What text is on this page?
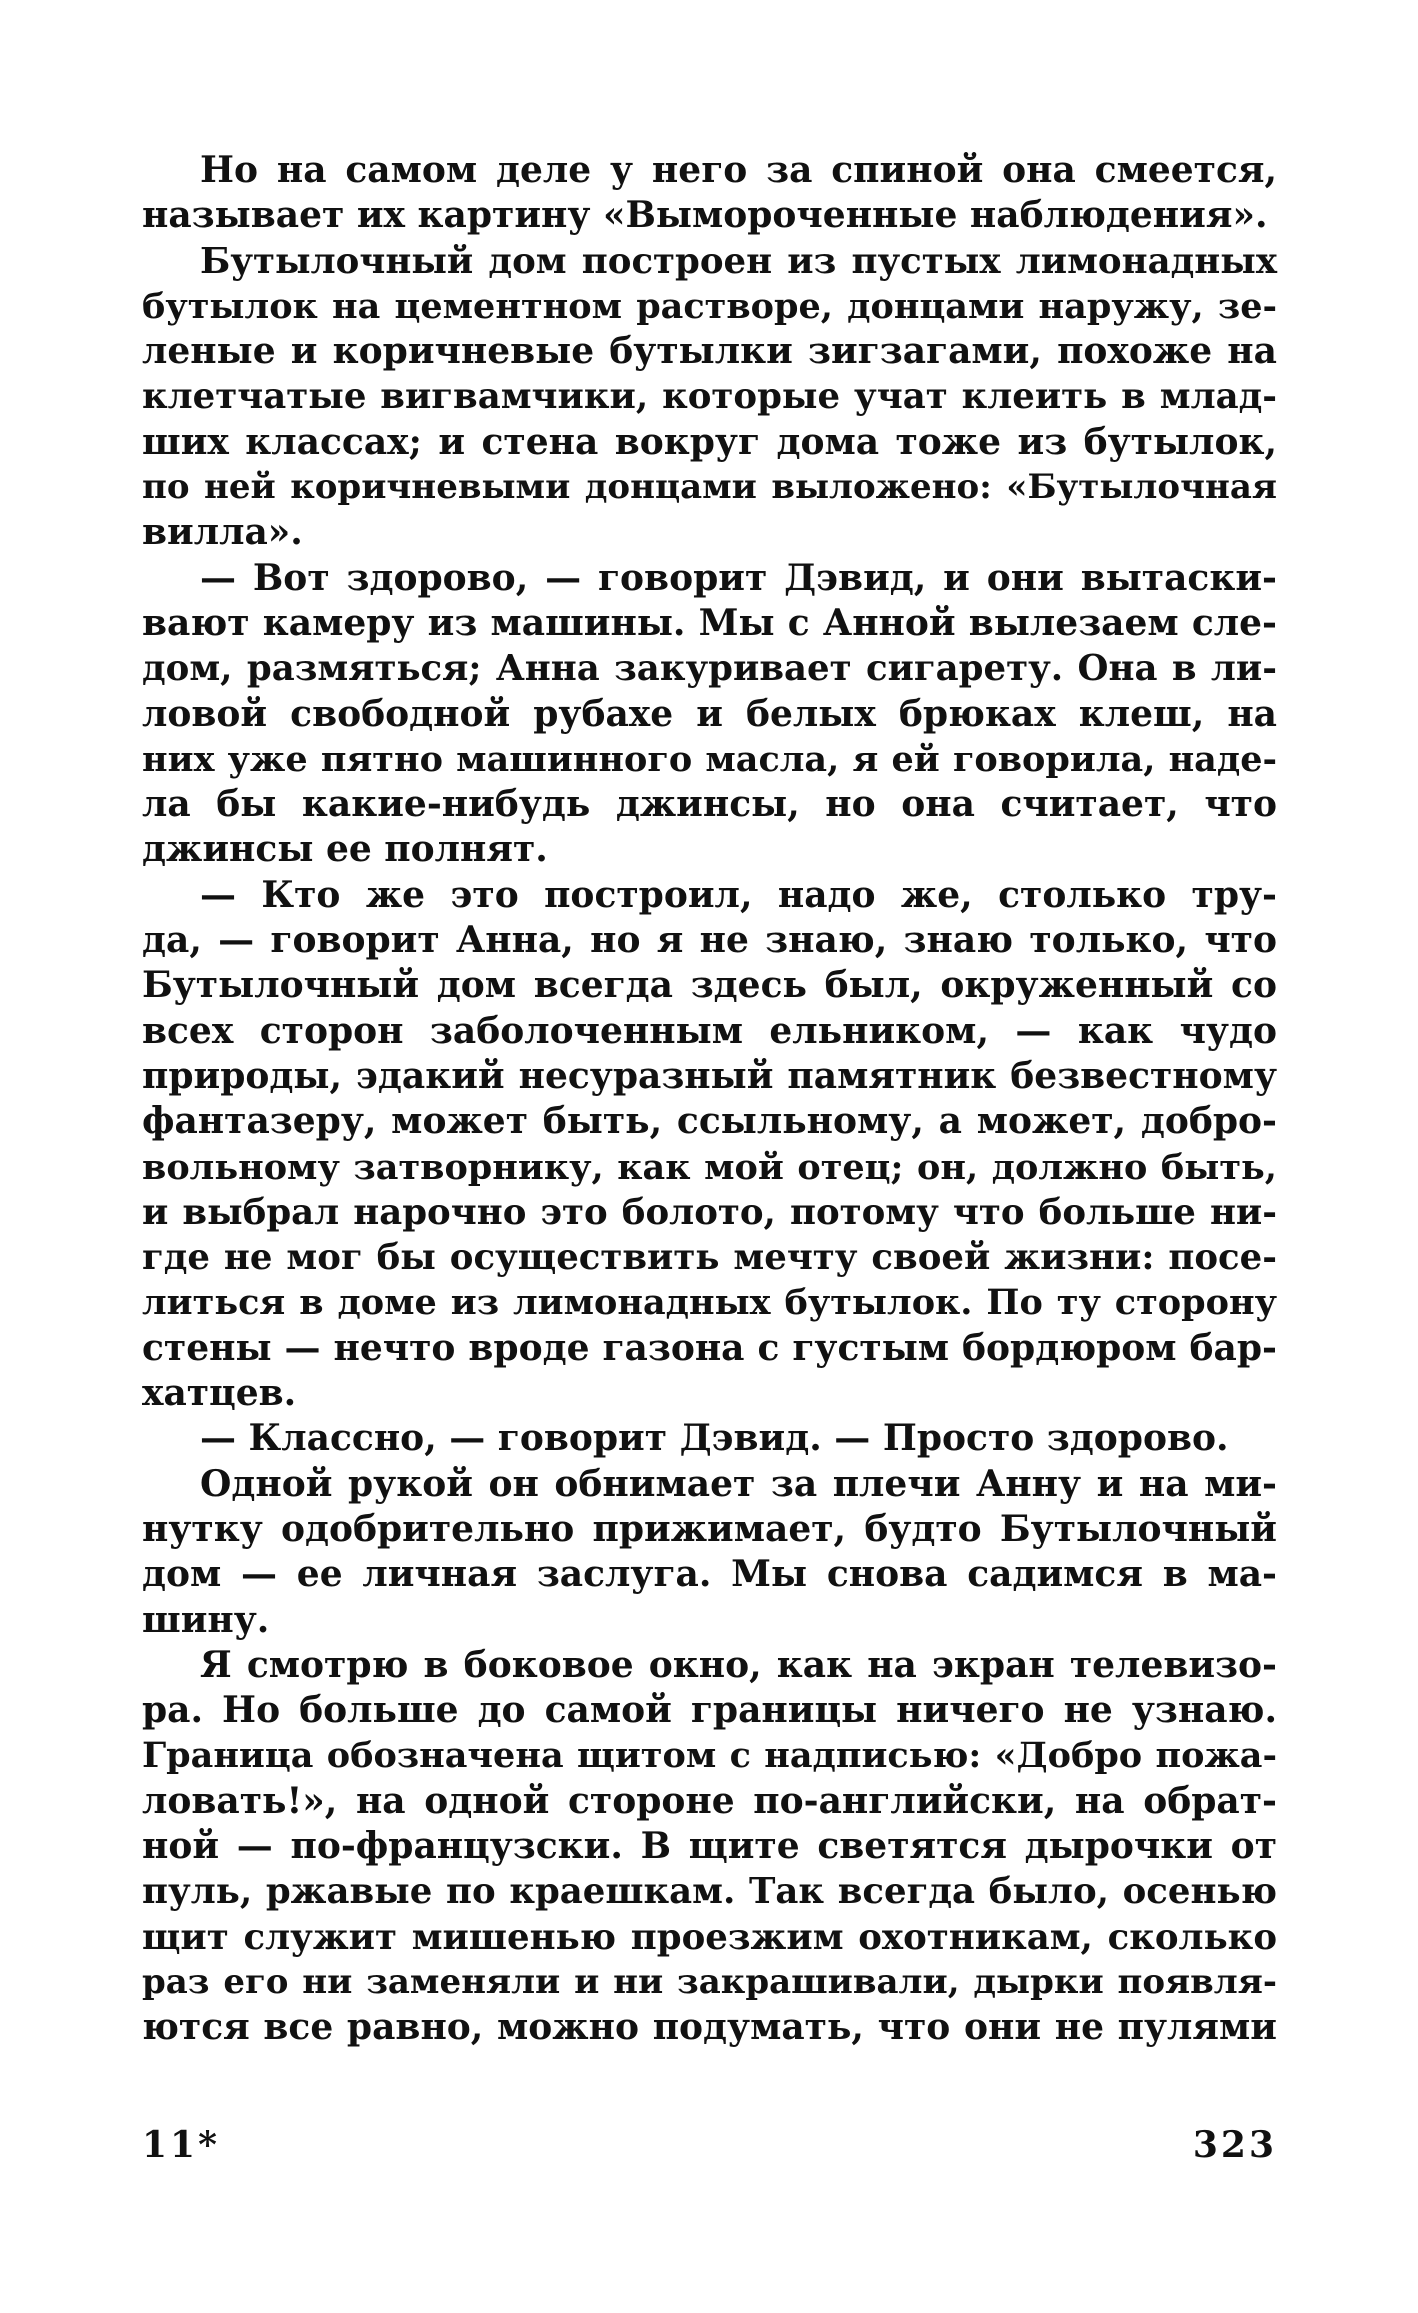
Но на самом деле у него за спиной она смеется,
называет их картину «Вымороченные наблюдения».
Бутылочный дом построен из пустых лимонадных
бутылок на цементном растворе, донцами наружу, зе-
леные и коричневые бутылки зигзагами, похоже на
клетчатые вигвамчики, которые учат клеить в млад-
ших классах; и стена вокруг дома тоже из бутылок,
по ней коричневыми донцами выложено: «Бутылочная
вилла».
— Вот здорово, — говорит Дэвид, и они вытаски-
вают камеру из машины. Мы с Анной вылезаем сле-
дом, размяться; Анна закуривает сигарету. Она в ли-
ловой свободной рубахе и белых брюках клеш, на
них уже пятно машинного масла, я ей говорила, наде-
ла бы какие-нибудь джинсы, но она считает, что
джинсы ее полнят.
— Кто же это построил, надо же, столько тру-
да, — говорит Анна, но я не знаю, знаю только, что
Бутылочный дом всегда здесь был, окруженный со
всех сторон заболоченным ельником, — как чудо
природы, эдакий несуразный памятник безвестному
фантазеру, может быть, ссыльному, а может, добро-
вольному затворнику, как мой отец; он, должно быть,
и выбрал нарочно это болото, потому что больше ни-
где не мог бы осуществить мечту своей жизни: посе-
литься в доме из лимонадных бутылок. По ту сторону
стены — нечто вроде газона с густым бордюром бар-
хатцев.
— Классно, — говорит Дэвид. — Просто здорово.
Одной рукой он обнимает за плечи Анну и на ми-
нутку одобрительно прижимает, будто Бутылочный
дом — ее личная заслуга. Мы снова садимся в ма-
шину.
Я смотрю в боковое окно, как на экран телевизо-
ра. Но больше до самой границы ничего не узнаю.
Граница обозначена щитом с надписью: «Добро пожа-
ловать!», на одной стороне по-английски, на обрат-
ной — по-французски. В щите светятся дырочки от
пуль, ржавые по краешкам. Так всегда было, осенью
щит служит мишенью проезжим охотникам, сколько
раз его ни заменяли и ни закрашивали, дырки появля-
ются все равно, можно подумать, что они не пулями
11*	323
